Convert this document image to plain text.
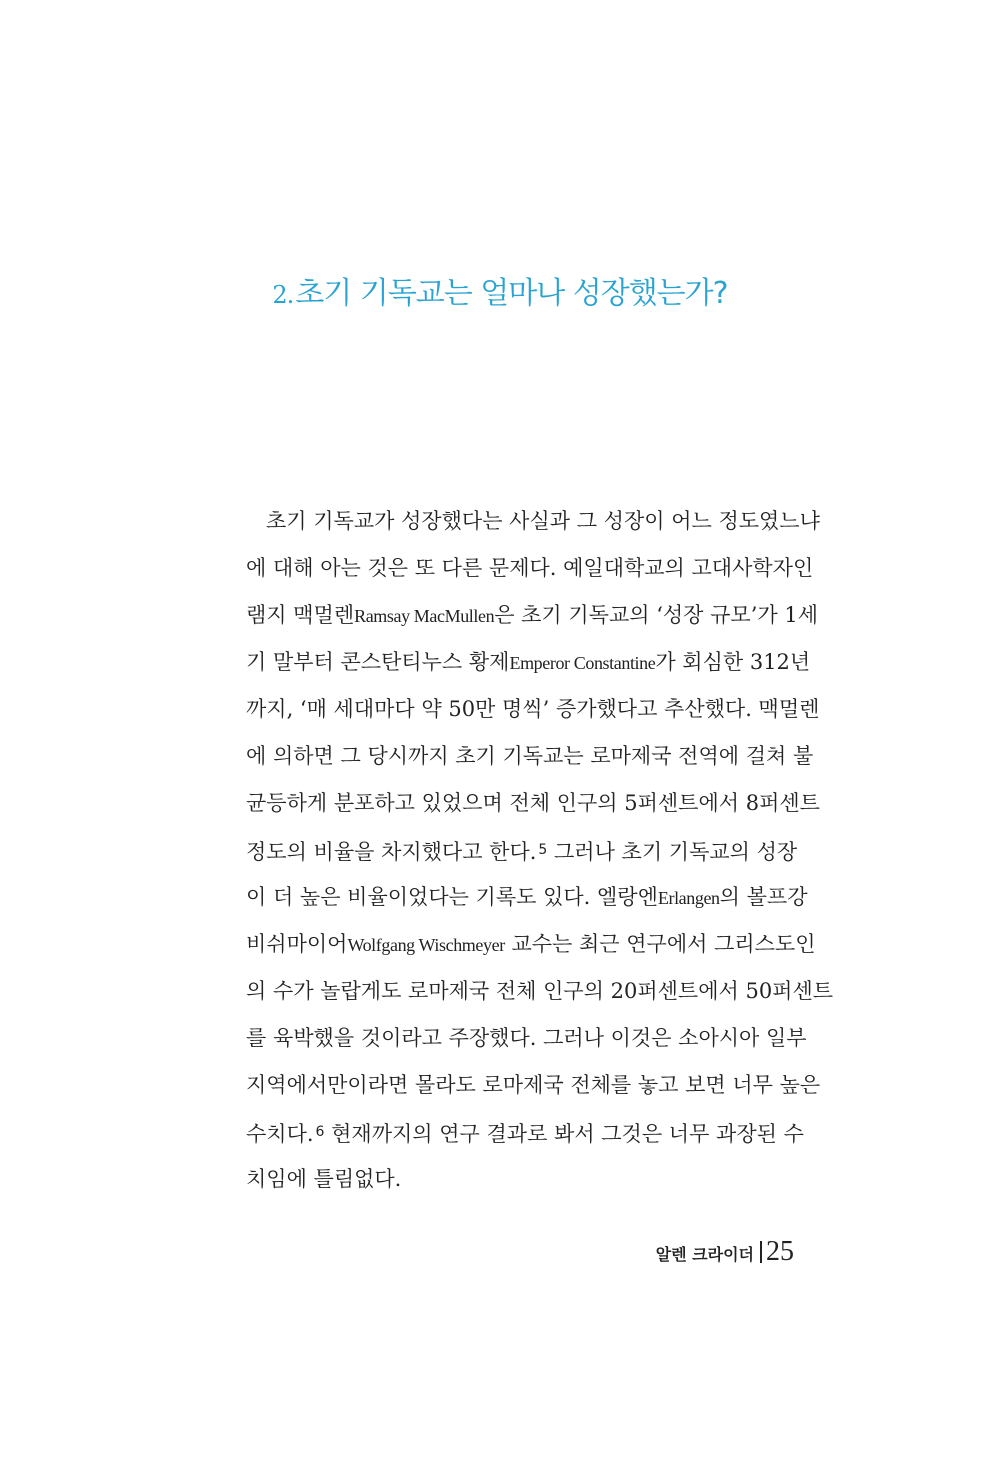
2.초기 기독교는 얼마나 성장했는가?
초기 기독교가 성장했다는 사실과 그 성장이 어느 정도였느냐
에 대해 아는 것은 또 다른 문제다. 예일대학교의 고대사학자인
램지 맥멀렌Ramsay MacMullen은 초기 기독교의 ‘성장 규모’가 1세
기 말부터 콘스탄티누스 황제Emperor Constantine가 회심한 312년
까지, ‘매 세대마다 약 50만 명씩’ 증가했다고 추산했다. 맥멀렌
에 의하면 그 당시까지 초기 기독교는 로마제국 전역에 걸쳐 불
균등하게 분포하고 있었으며 전체 인구의 5퍼센트에서 8퍼센트
정도의 비율을 차지했다고 한다. $^5$ 그러나 초기 기독교의 성장
이 더 높은 비율이었다는 기록도 있다. 엘랑엔Erlangen의 볼프강
비쉬마이어Wolfgang Wischmeyer 교수는 최근 연구에서 그리스도인
의 수가 놀랍게도 로마제국 전체 인구의 20퍼센트에서 50퍼센트
를 육박했을 것이라고 주장했다. 그러나 이것은 소아시아 일부
지역에서만이라면 몰라도 로마제국 전체를 놓고 보면 너무 높은
수치다. $^6$ 현재까지의 연구 결과로 봐서 그것은 너무 과장된 수
치임에 틀림없다.
알렌 크라이더 25
